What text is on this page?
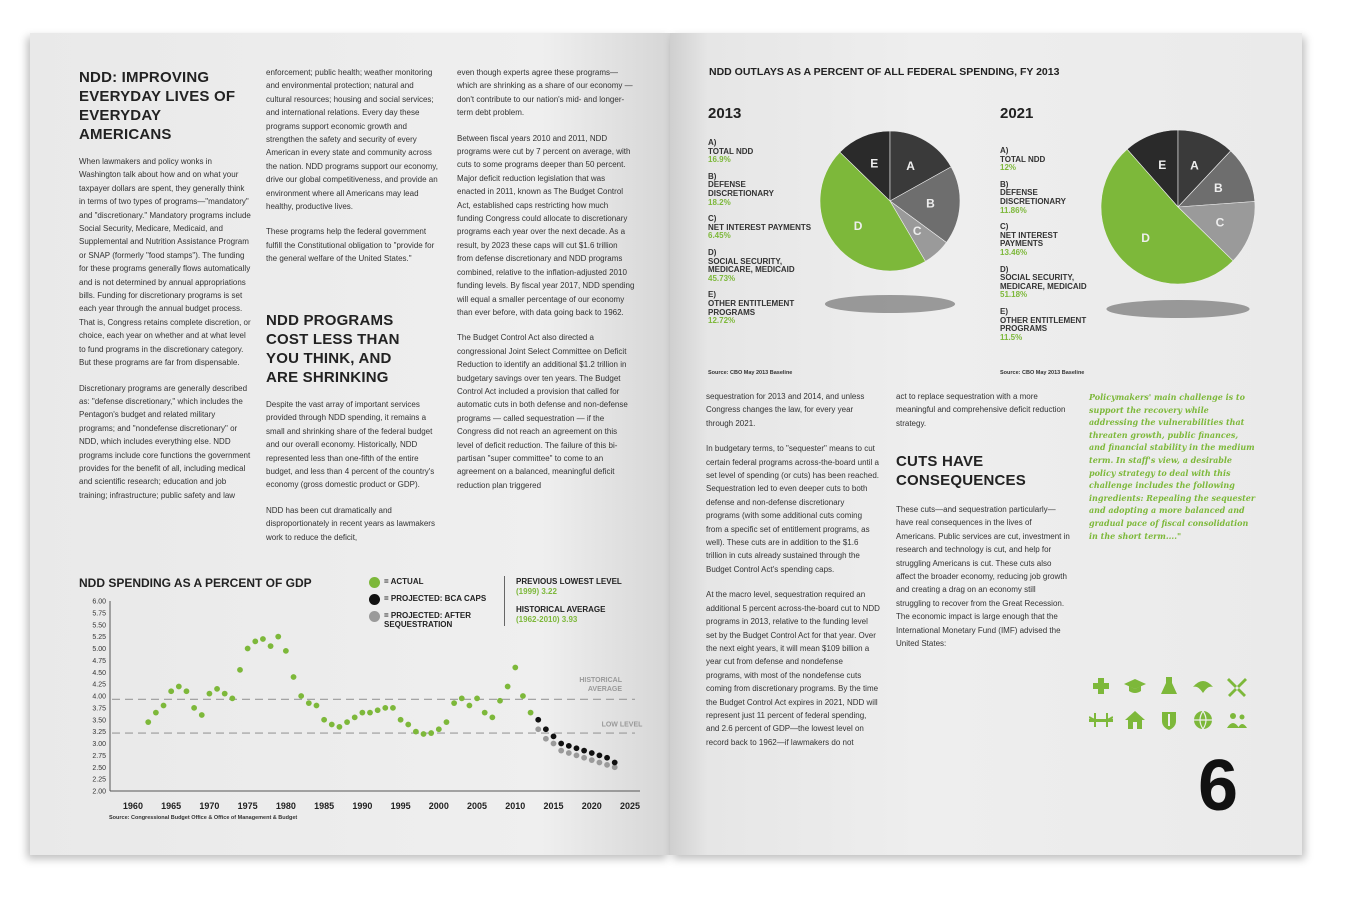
NDD: IMPROVING EVERYDAY LIVES OF EVERYDAY AMERICANS

When lawmakers and policy wonks in Washington talk about how and on what your taxpayer dollars are spent, they generally think in terms of two types of programs—"mandatory" and "discretionary." Mandatory programs include Social Security, Medicare, Medicaid, and Supplemental and Nutrition Assistance Program or SNAP (formerly "food stamps"). The funding for these programs generally flows automatically and is not determined by annual appropriations bills. Funding for discretionary programs is set each year through the annual budget process. That is, Congress retains complete discretion, or choice, each year on whether and at what level to fund programs in the discretionary category. But these programs are far from dispensable.

Discretionary programs are generally described as: "defense discretionary," which includes the Pentagon's budget and related military programs; and "nondefense discretionary" or NDD, which includes everything else. NDD programs include core functions the government provides for the benefit of all, including medical and scientific research; education and job training; infrastructure; public safety and law

enforcement; public health; weather monitoring and environmental protection; natural and cultural resources; housing and social services; and international relations. Every day these programs support economic growth and strengthen the safety and security of every American in every state and community across the nation. NDD programs support our economy, drive our global competitiveness, and provide an environment where all Americans may lead healthy, productive lives.

These programs help the federal government fulfill the Constitutional obligation to "provide for the general welfare of the United States."

NDD PROGRAMS COST LESS THAN YOU THINK, AND ARE SHRINKING

Despite the vast array of important services provided through NDD spending, it remains a small and shrinking share of the federal budget and our overall economy. Historically, NDD represented less than one-fifth of the entire budget, and less than 4 percent of the country's economy (gross domestic product or GDP).

NDD has been cut dramatically and disproportionately in recent years as lawmakers work to reduce the deficit,

even though experts agree these programs—which are shrinking as a share of our economy — don't contribute to our nation's mid- and longer-term debt problem.

Between fiscal years 2010 and 2011, NDD programs were cut by 7 percent on average, with cuts to some programs deeper than 50 percent. Major deficit reduction legislation that was enacted in 2011, known as The Budget Control Act, established caps restricting how much funding Congress could allocate to discretionary programs each year over the next decade. As a result, by 2023 these caps will cut $1.6 trillion from defense discretionary and NDD programs combined, relative to the inflation-adjusted 2010 funding levels. By fiscal year 2017, NDD spending will equal a smaller percentage of our economy than ever before, with data going back to 1962.

The Budget Control Act also directed a congressional Joint Select Committee on Deficit Reduction to identify an additional $1.2 trillion in budgetary savings over ten years. The Budget Control Act included a provision that called for automatic cuts in both defense and non-defense programs — called sequestration — if the Congress did not reach an agreement on this level of deficit reduction. The failure of this bi-partisan "super committee" to come to an agreement on a balanced, meaningful deficit reduction plan triggered

NDD SPENDING AS A PERCENT OF GDP	= ACTUAL
= PROJECTED: BCA CAPS
= PROJECTED: AFTER SEQUESTRATION
PREVIOUS LOWEST LEVEL
(1999) 3.22
HISTORICAL AVERAGE
(1962-2010) 3.93
6.00
5.75
5.50
5.25
5.00
4.75
4.50
4.25
4.00
3.75
3.50
3.25
3.00
2.75
2.50
2.25
2.00
1960 1965 1970 1975 1980 1985 1990 1995 2000 2005 2010 2015 2020 2025
HISTORICAL AVERAGE
LOW LEVEL
Source: Congressional Budget Office & Office of Management & Budget
NDD OUTLAYS AS A PERCENT OF ALL FEDERAL SPENDING, FY 2013
2013
A)
TOTAL NDD
16.9%
B)
DEFENSE DISCRETIONARY
18.2%
C)
NET INTEREST PAYMENTS
6.45%
D)
SOCIAL SECURITY, MEDICARE, MEDICAID
45.73%
E)
OTHER ENTITLEMENT PROGRAMS
12.72%
E A
B
C
D
Source: CBO May 2013 Baseline
2021
A)
TOTAL NDD
12%
B)
DEFENSE DISCRETIONARY
11.86%
C)
NET INTEREST PAYMENTS
13.46%
D)
SOCIAL SECURITY, MEDICARE, MEDICAID
51.18%
E)
OTHER ENTITLEMENT PROGRAMS
11.5%
E A
B
C
D
Source: CBO May 2013 Baseline

sequestration for 2013 and 2014, and unless Congress changes the law, for every year through 2021.

In budgetary terms, to "sequester" means to cut certain federal programs across-the-board until a set level of spending (or cuts) has been reached. Sequestration led to even deeper cuts to both defense and non-defense discretionary programs (with some additional cuts coming from a specific set of entitlement programs, as well). These cuts are in addition to the $1.6 trillion in cuts already sustained through the Budget Control Act's spending caps.

At the macro level, sequestration required an additional 5 percent across-the-board cut to NDD programs in 2013, relative to the funding level set by the Budget Control Act for that year. Over the next eight years, it will mean $109 billion a year cut from defense and nondefense programs, with most of the nondefense cuts coming from discretionary programs. By the time the Budget Control Act expires in 2021, NDD will represent just 11 percent of federal spending, and 2.6 percent of GDP—the lowest level on record back to 1962—if lawmakers do not

act to replace sequestration with a more meaningful and comprehensive deficit reduction strategy.

CUTS HAVE CONSEQUENCES

These cuts—and sequestration particularly—have real consequences in the lives of Americans. Public services are cut, investment in research and technology is cut, and help for struggling Americans is cut. These cuts also affect the broader economy, reducing job growth and creating a drag on an economy still struggling to recover from the Great Recession. The economic impact is large enough that the International Monetary Fund (IMF) advised the United States:

Policymakers' main challenge is to support the recovery while addressing the vulnerabilities that threaten growth, public finances, and financial stability in the medium term. In staff's view, a desirable policy strategy to deal with this challenge includes the following ingredients: Repealing the sequester and adopting a more balanced and gradual pace of fiscal consolidation in the short term...."
6
